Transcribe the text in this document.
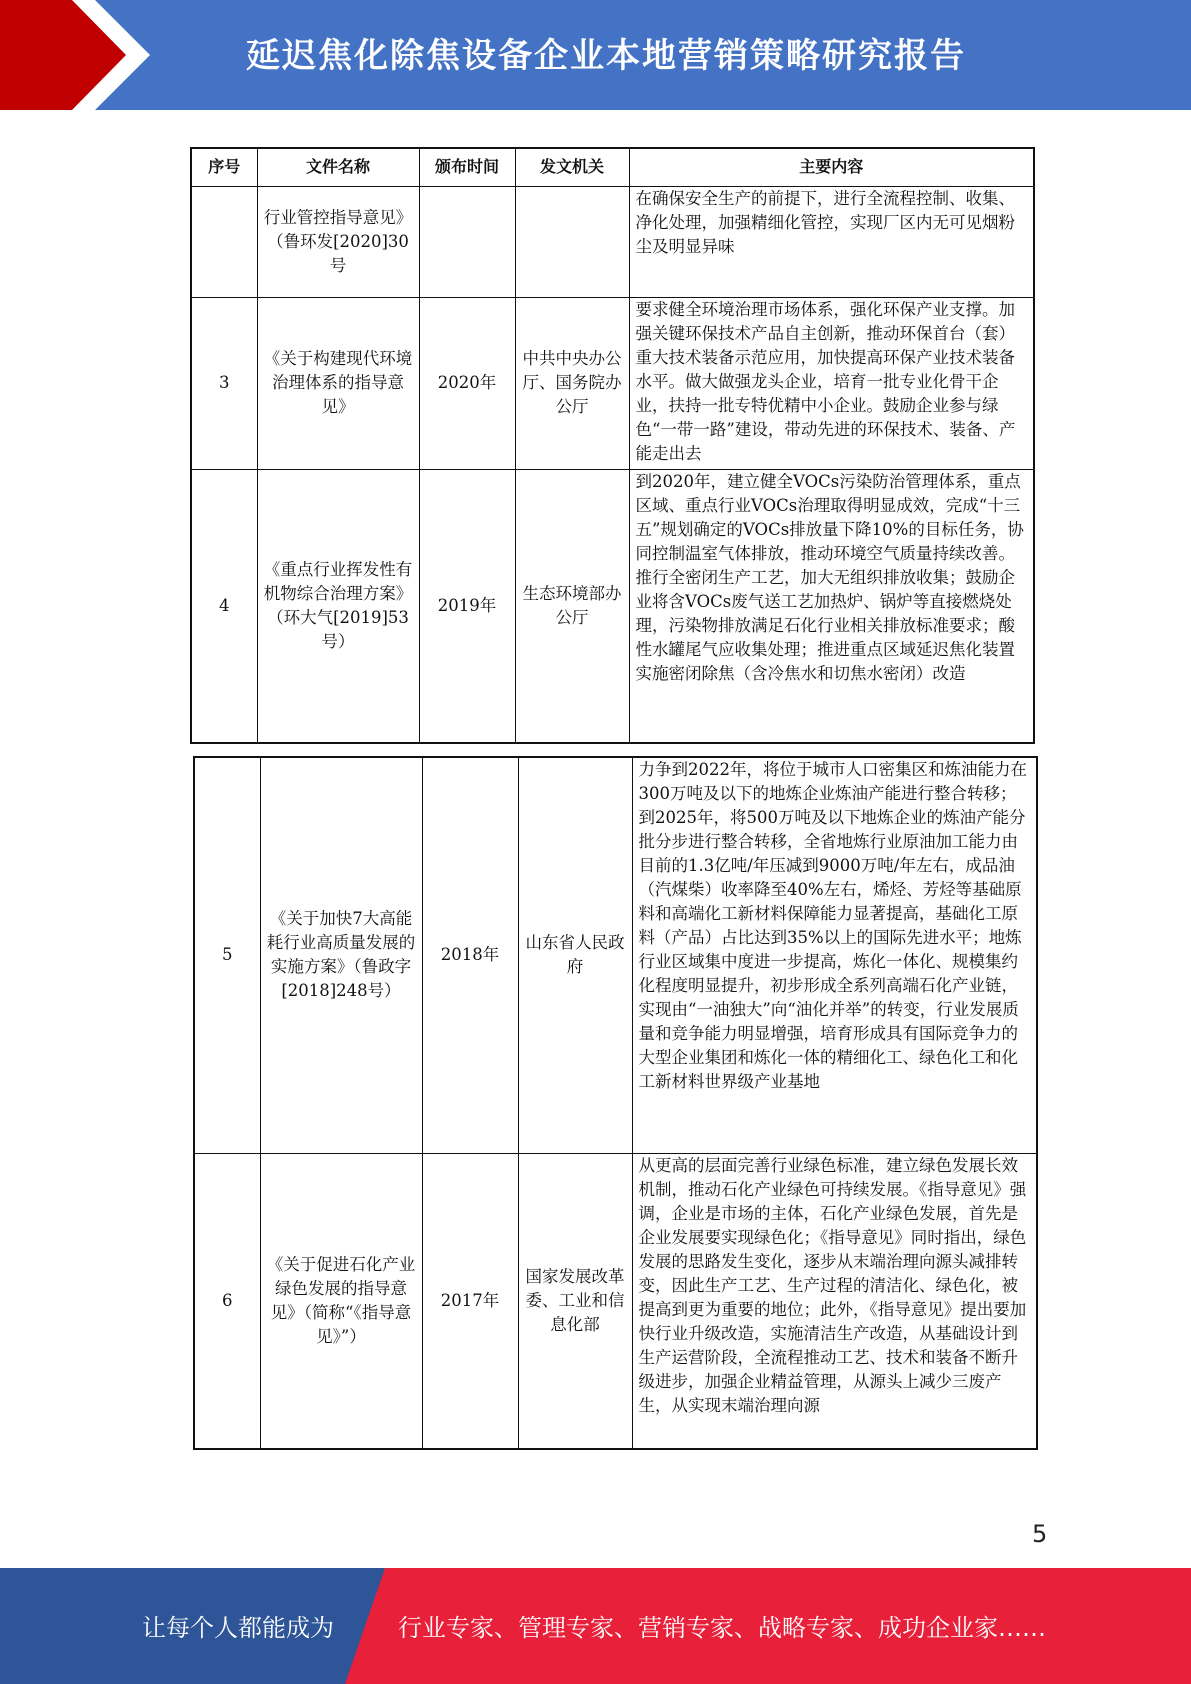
延迟焦化除焦设备企业本地营销策略研究报告
序号	文件名称	颁布时间	发文机关	主要内容
	行业管控指导意见》（鲁环发[2020]30号			在确保安全生产的前提下，进行全流程控制、收集、净化处理，加强精细化管控，实现厂区内无可见烟粉尘及明显异味
3	《关于构建现代环境治理体系的指导意见》	2020年	中共中央办公厅、国务院办公厅	要求健全环境治理市场体系，强化环保产业支撑。加强关键环保技术产品自主创新，推动环保首台（套）重大技术装备示范应用，加快提高环保产业技术装备水平。做大做强龙头企业，培育一批专业化骨干企业，扶持一批专特优精中小企业。鼓励企业参与绿色“一带一路”建设，带动先进的环保技术、装备、产能走出去
4	《重点行业挥发性有机物综合治理方案》（环大气[2019]53号）	2019年	生态环境部办公厅	到2020年，建立健全VOCs污染防治管理体系，重点区域、重点行业VOCs治理取得明显成效，完成“十三五”规划确定的VOCs排放量下降10%的目标任务，协同控制温室气体排放，推动环境空气质量持续改善。推行全密闭生产工艺，加大无组织排放收集；鼓励企业将含VOCs废气送工艺加热炉、锅炉等直接燃烧处理，污染物排放满足石化行业相关排放标准要求；酸性水罐尾气应收集处理；推进重点区域延迟焦化装置实施密闭除焦（含冷焦水和切焦水密闭）改造
5	《关于加快7大高能耗行业高质量发展的实施方案》（鲁政字[2018]248号）	2018年	山东省人民政府	力争到2022年，将位于城市人口密集区和炼油能力在300万吨及以下的地炼企业炼油产能进行整合转移；到2025年，将500万吨及以下地炼企业的炼油产能分批分步进行整合转移，全省地炼行业原油加工能力由目前的1.3亿吨/年压减到9000万吨/年左右，成品油（汽煤柴）收率降至40%左右，烯烃、芳烃等基础原料和高端化工新材料保障能力显著提高，基础化工原料（产品）占比达到35%以上的国际先进水平；地炼行业区域集中度进一步提高，炼化一体化、规模集约化程度明显提升，初步形成全系列高端石化产业链，实现由“一油独大”向“油化并举”的转变，行业发展质量和竞争能力明显增强，培育形成具有国际竞争力的大型企业集团和炼化一体的精细化工、绿色化工和化工新材料世界级产业基地
6	《关于促进石化产业绿色发展的指导意见》（简称“《指导意见》”）	2017年	国家发展改革委、工业和信息化部	从更高的层面完善行业绿色标准，建立绿色发展长效机制，推动石化产业绿色可持续发展。《指导意见》强调，企业是市场的主体，石化产业绿色发展，首先是企业发展要实现绿色化；《指导意见》同时指出，绿色发展的思路发生变化，逐步从末端治理向源头减排转变，因此生产工艺、生产过程的清洁化、绿色化，被提高到更为重要的地位；此外，《指导意见》提出要加快行业升级改造，实施清洁生产改造，从基础设计到生产运营阶段，全流程推动工艺、技术和装备不断升级进步，加强企业精益管理，从源头上减少三废产生，从实现末端治理向源
5
让每个人都能成为	行业专家、管理专家、营销专家、战略专家、成功企业家……
